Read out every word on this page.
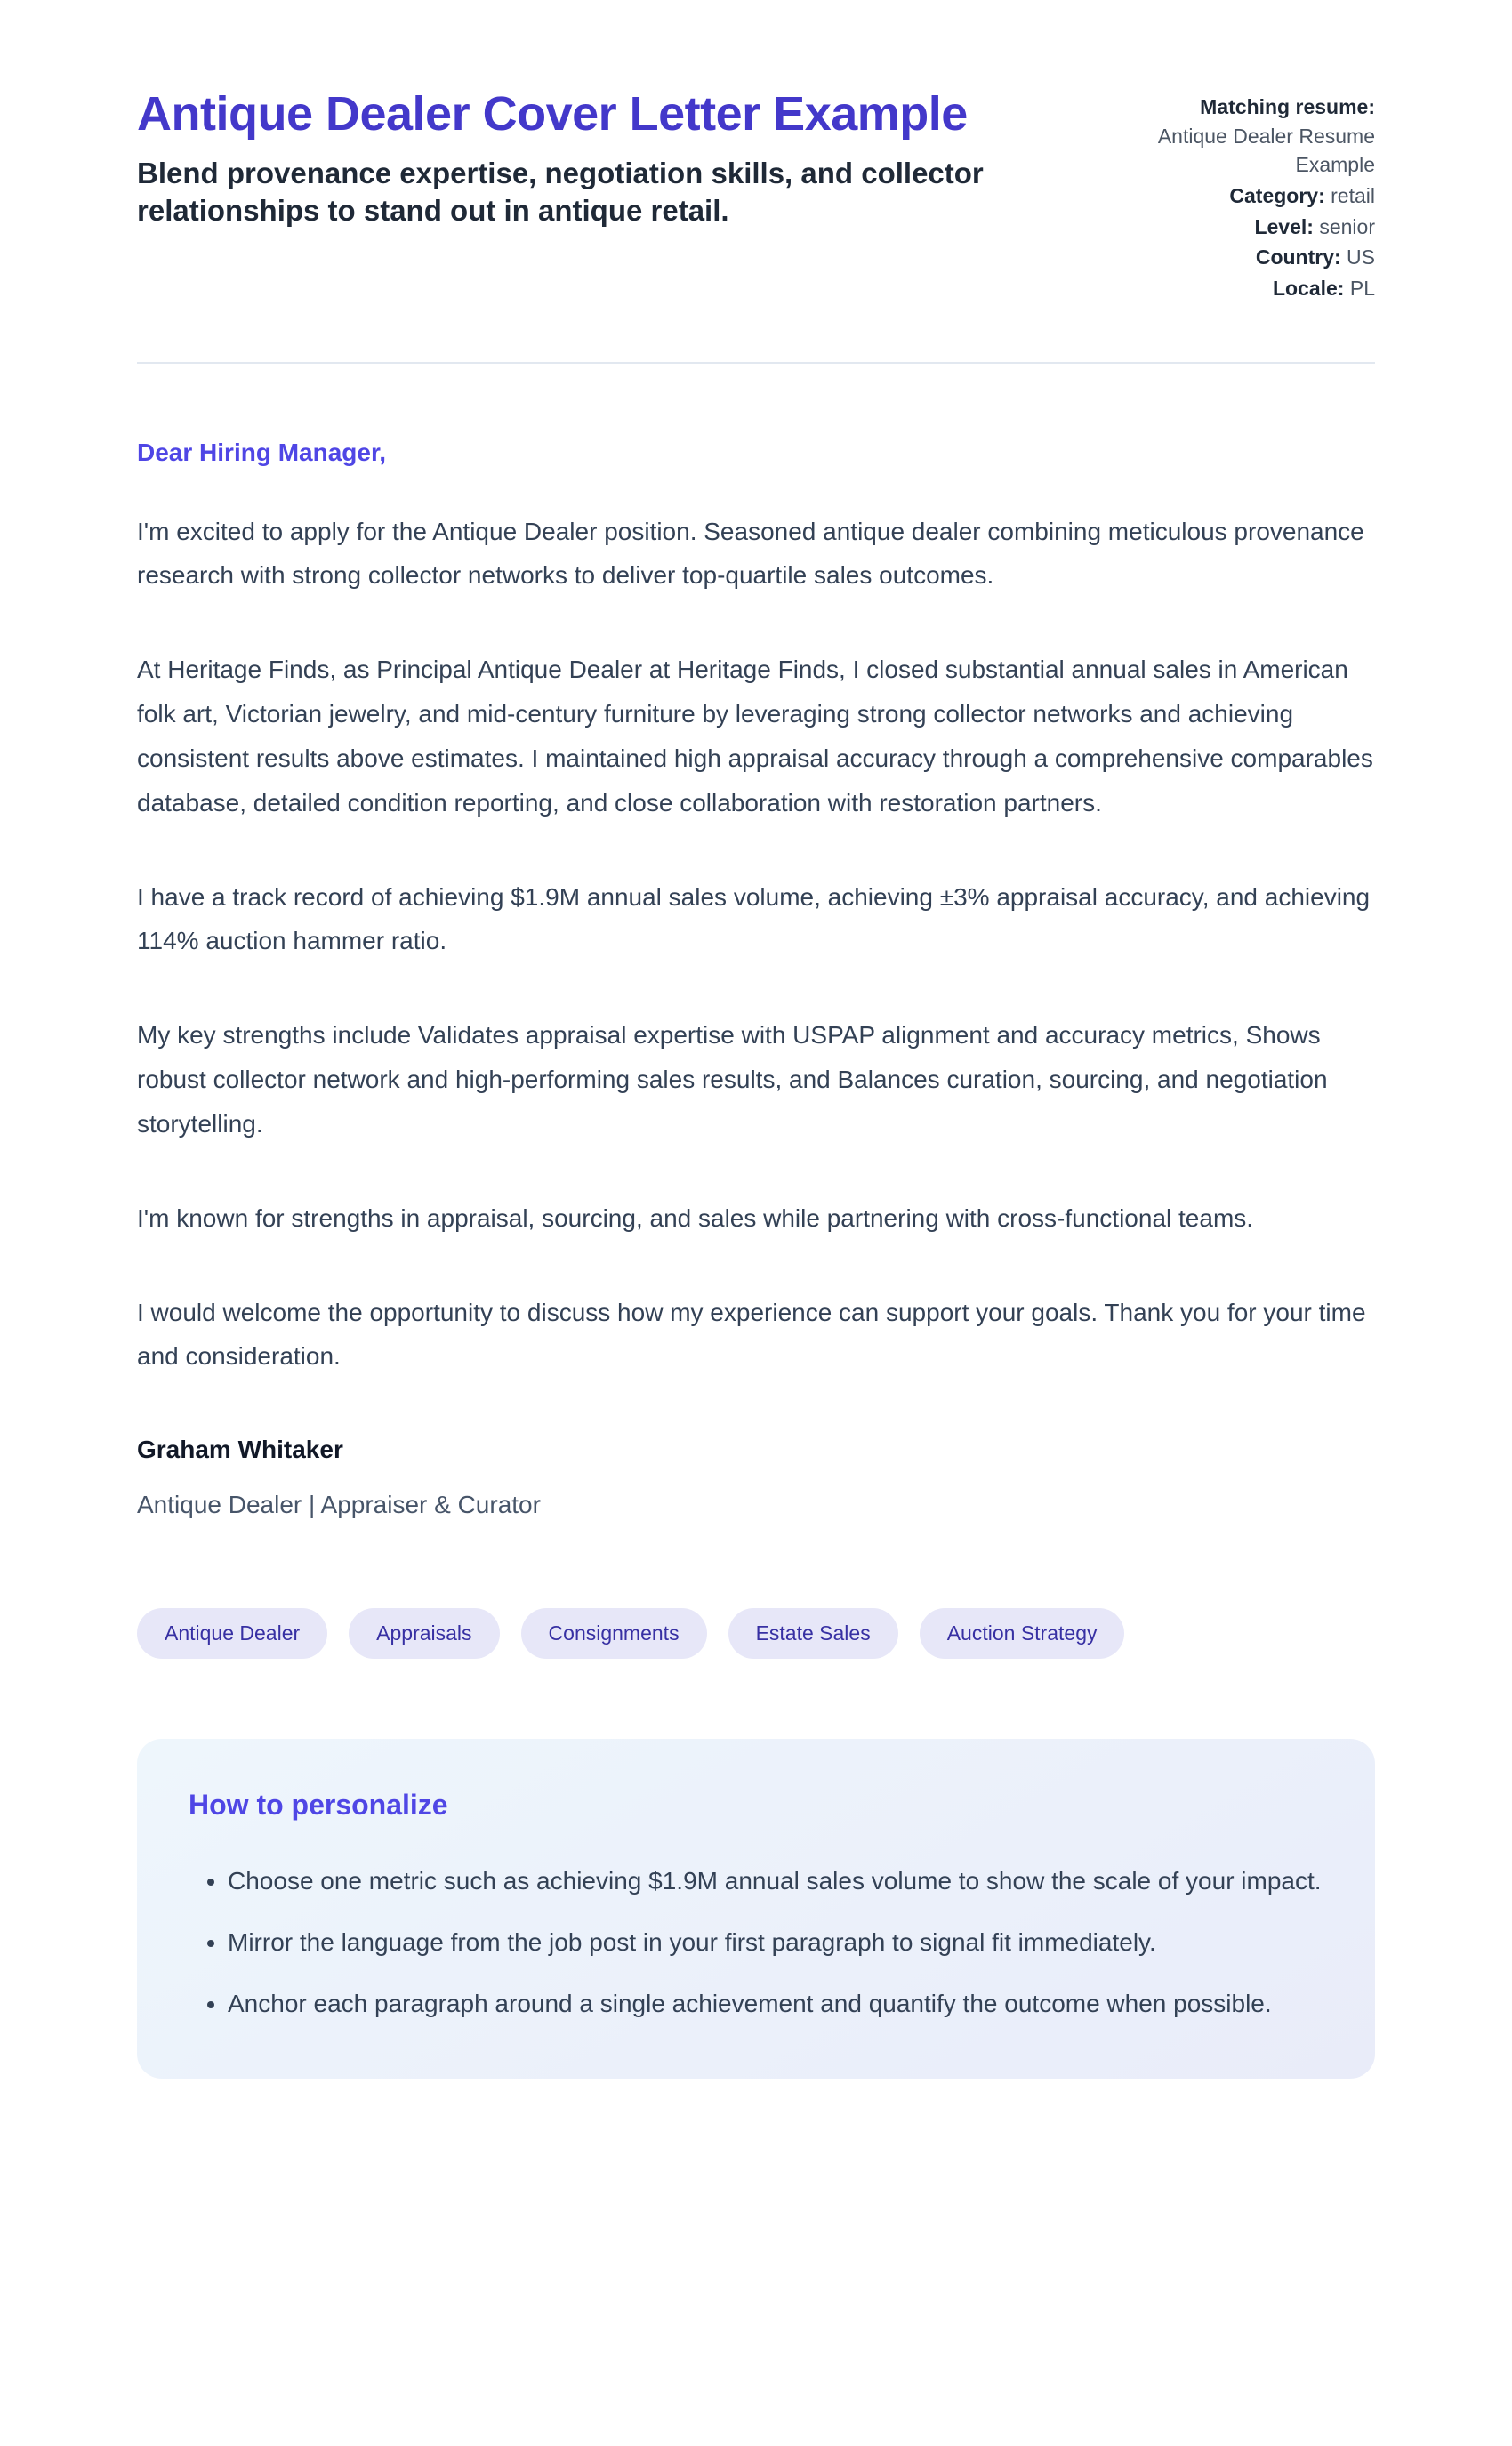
Antique Dealer Cover Letter Example

Blend provenance expertise, negotiation skills, and collector relationships to stand out in antique retail.

Matching resume:
Antique Dealer Resume Example
Category: retail
Level: senior
Country: US
Locale: PL

Dear Hiring Manager,

I'm excited to apply for the Antique Dealer position. Seasoned antique dealer combining meticulous provenance research with strong collector networks to deliver top-quartile sales outcomes.

At Heritage Finds, as Principal Antique Dealer at Heritage Finds, I closed substantial annual sales in American folk art, Victorian jewelry, and mid-century furniture by leveraging strong collector networks and achieving consistent results above estimates. I maintained high appraisal accuracy through a comprehensive comparables database, detailed condition reporting, and close collaboration with restoration partners.

I have a track record of achieving $1.9M annual sales volume, achieving ±3% appraisal accuracy, and achieving 114% auction hammer ratio.

My key strengths include Validates appraisal expertise with USPAP alignment and accuracy metrics, Shows robust collector network and high-performing sales results, and Balances curation, sourcing, and negotiation storytelling.

I'm known for strengths in appraisal, sourcing, and sales while partnering with cross-functional teams.

I would welcome the opportunity to discuss how my experience can support your goals. Thank you for your time and consideration.

Graham Whitaker

Antique Dealer | Appraiser & Curator

Antique Dealer	Appraisals	Consignments	Estate Sales	Auction Strategy
How to personalize
• Choose one metric such as achieving $1.9M annual sales volume to show the scale of your impact.
• Mirror the language from the job post in your first paragraph to signal fit immediately.
• Anchor each paragraph around a single achievement and quantify the outcome when possible.
